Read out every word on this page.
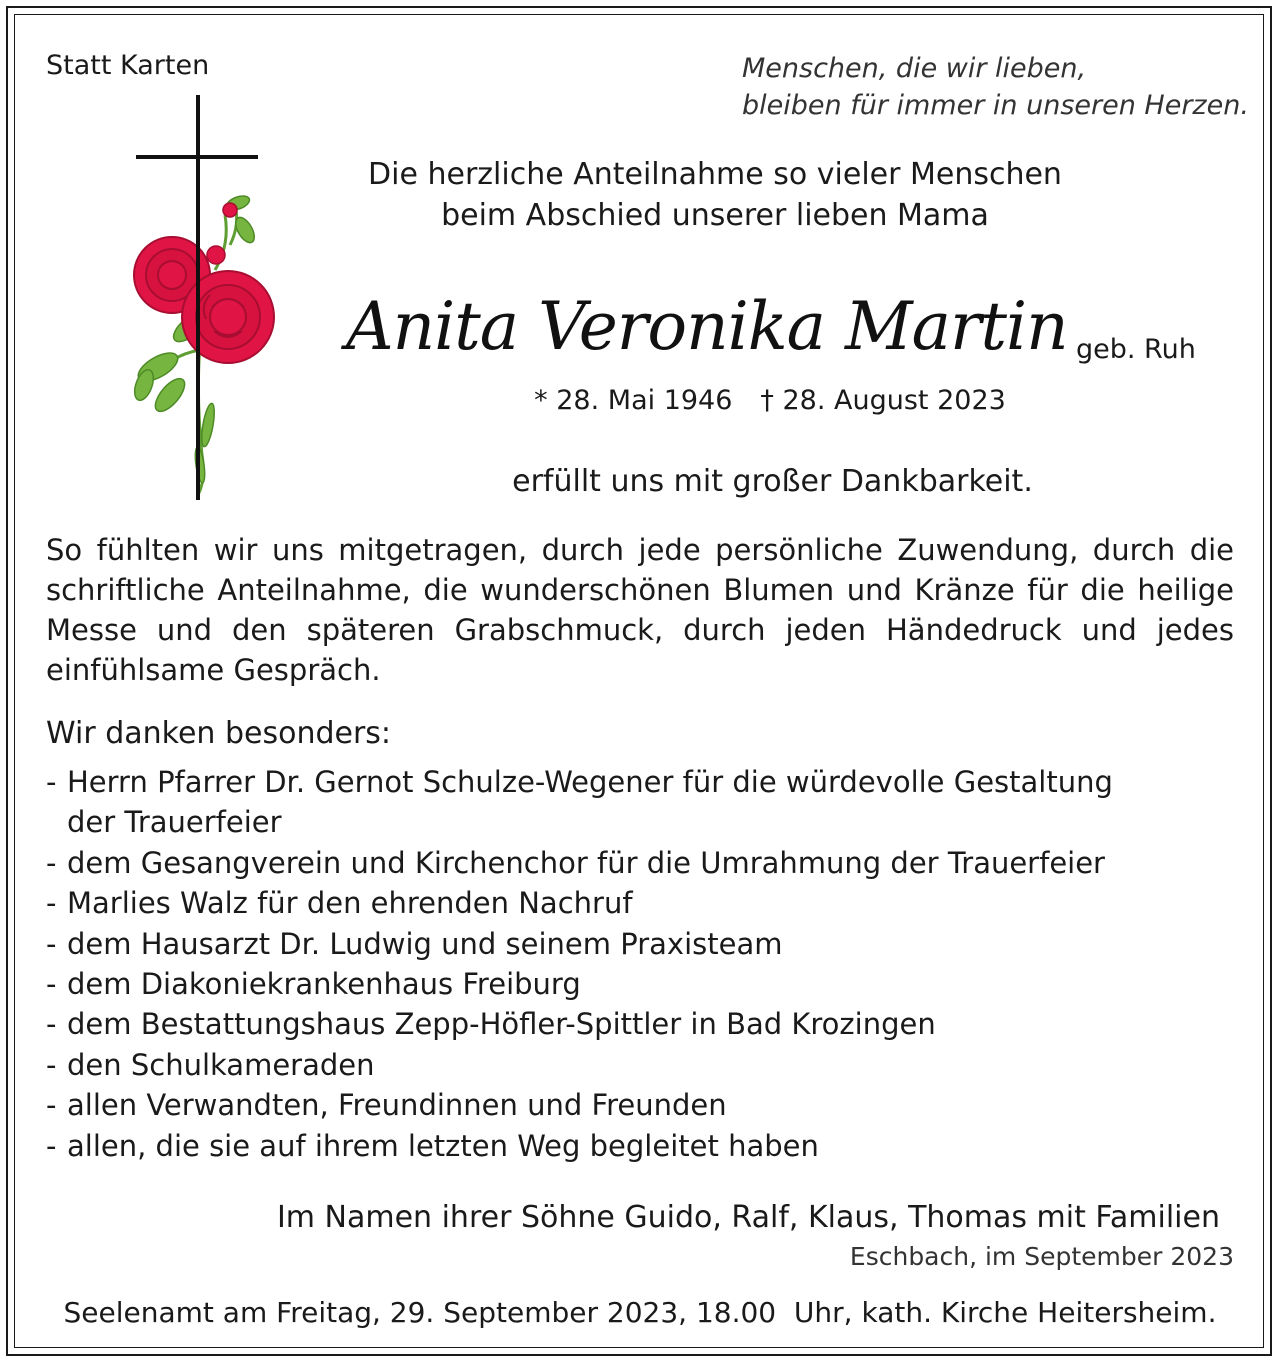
Statt Karten	Menschen, die wir lieben,
bleiben für immer in unseren Herzen.
Die herzliche Anteilnahme so vieler Menschen
beim Abschied unserer lieben Mama
Anita Veronika Martin geb. Ruh
* 28. Mai 1946 † 28. August 2023
erfüllt uns mit großer Dankbarkeit.
So fühlten wir uns mitgetragen, durch jede persönliche Zuwendung, durch die schriftliche Anteilnahme, die wunderschönen Blumen und Kränze für die heilige Messe und den späteren Grabschmuck, durch jeden Händedruck und jedes einfühlsame Gespräch.
Wir danken besonders:
- Herrn Pfarrer Dr. Gernot Schulze-Wegener für die würdevolle Gestaltung der Trauerfeier
- dem Gesangverein und Kirchenchor für die Umrahmung der Trauerfeier
- Marlies Walz für den ehrenden Nachruf
- dem Hausarzt Dr. Ludwig und seinem Praxisteam
- dem Diakoniekrankenhaus Freiburg
- dem Bestattungshaus Zepp-Höfler-Spittler in Bad Krozingen
- den Schulkameraden
- allen Verwandten, Freundinnen und Freunden
- allen, die sie auf ihrem letzten Weg begleitet haben
Im Namen ihrer Söhne Guido, Ralf, Klaus, Thomas mit Familien
Eschbach, im September 2023
Seelenamt am Freitag, 29. September 2023, 18.00  Uhr, kath. Kirche Heitersheim.
